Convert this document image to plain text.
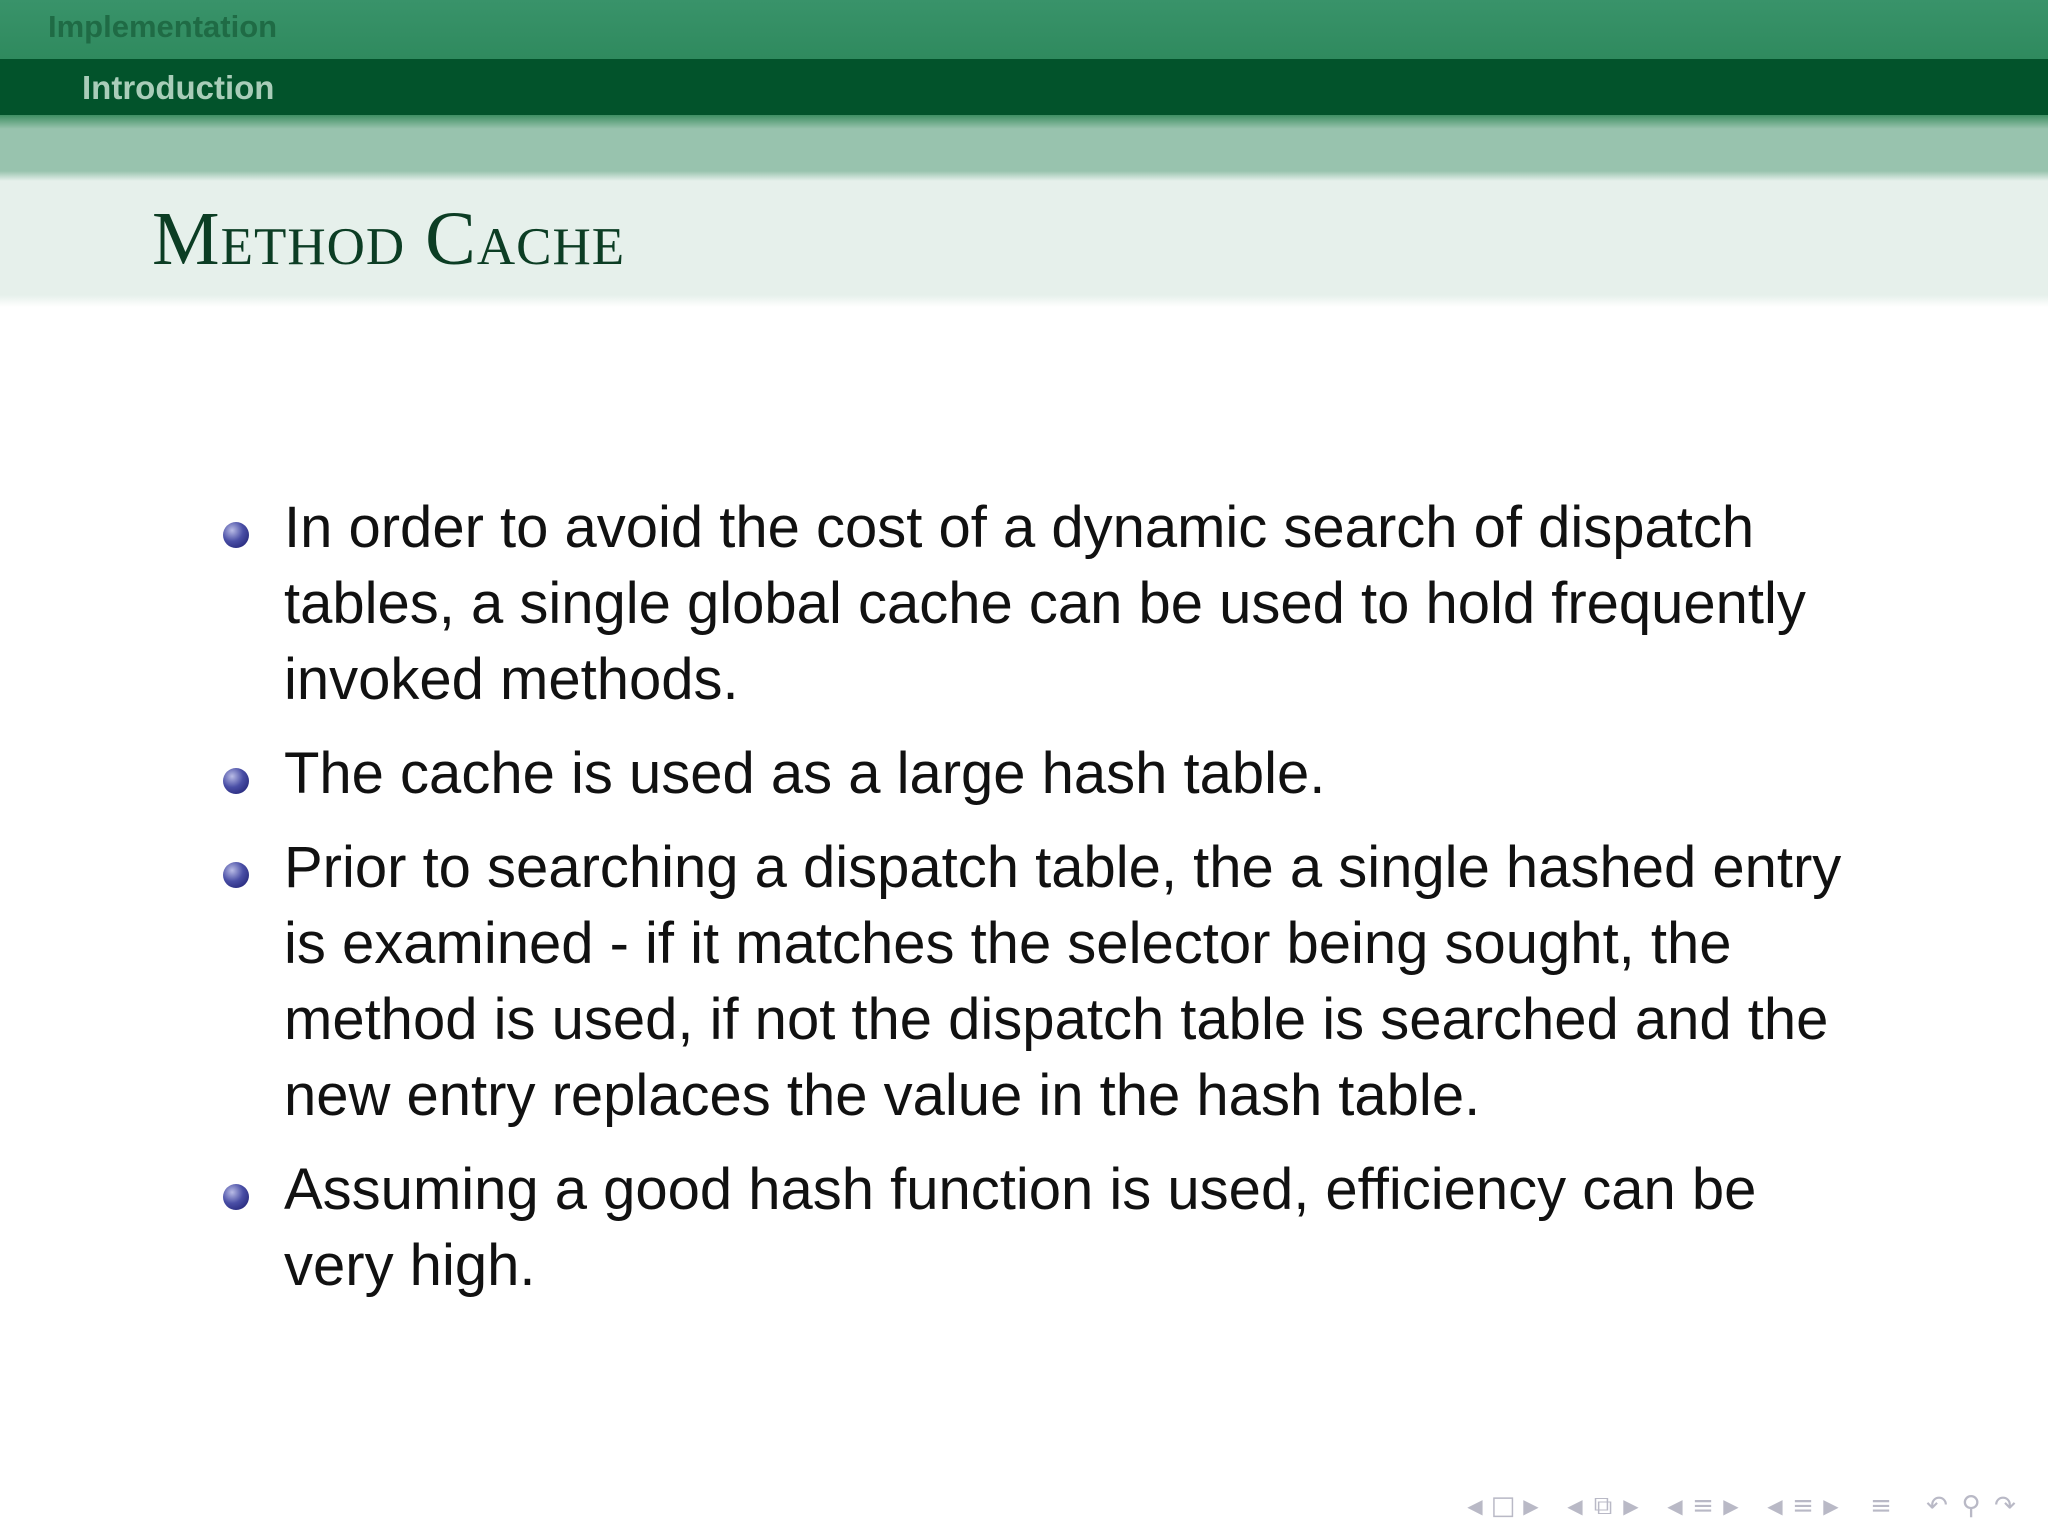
Implementation
Introduction
Method Cache
In order to avoid the cost of a dynamic search of dispatch tables, a single global cache can be used to hold frequently invoked methods.
The cache is used as a large hash table.
Prior to searching a dispatch table, the a single hashed entry is examined - if it matches the selector being sought, the method is used, if not the dispatch table is searched and the new entry replaces the value in the hash table.
Assuming a good hash function is used, efficiency can be very high.
◀ □ ▶ ◀ ⧉ ▶ ◀ ≡ ▶ ◀ ≡ ▶ ≡ ↶ ⚲ ↷
